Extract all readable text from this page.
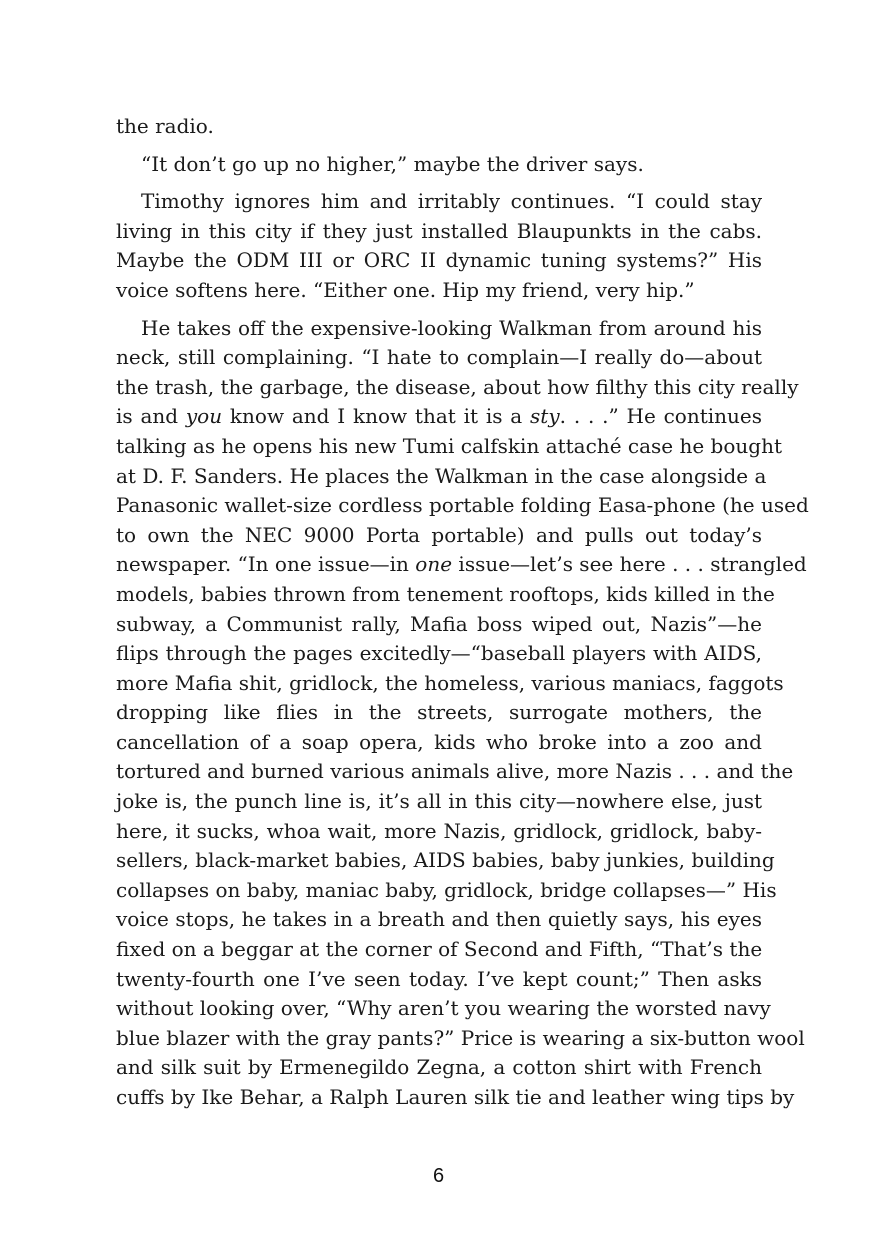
the radio.
“It don’t go up no higher,” maybe the driver says.
Timothy ignores him and irritably continues. “I could stay
living in this city if they just installed Blaupunkts in the cabs.
Maybe the ODM III or ORC II dynamic tuning systems?” His
voice softens here. “Either one. Hip my friend, very hip.”
He takes off the expensive-looking Walkman from around his
neck, still complaining. “I hate to complain—I really do—about
the trash, the garbage, the disease, about how filthy this city really
is and you know and I know that it is a sty. . . .” He continues
talking as he opens his new Tumi calfskin attaché case he bought
at D. F. Sanders. He places the Walkman in the case alongside a
Panasonic wallet-size cordless portable folding Easa-phone (he used
to own the NEC 9000 Porta portable) and pulls out today’s
newspaper. “In one issue—in one issue—let’s see here . . . strangled
models, babies thrown from tenement rooftops, kids killed in the
subway, a Communist rally, Mafia boss wiped out, Nazis”—he
flips through the pages excitedly—“baseball players with AIDS,
more Mafia shit, gridlock, the homeless, various maniacs, faggots
dropping like flies in the streets, surrogate mothers, the
cancellation of a soap opera, kids who broke into a zoo and
tortured and burned various animals alive, more Nazis . . . and the
joke is, the punch line is, it’s all in this city—nowhere else, just
here, it sucks, whoa wait, more Nazis, gridlock, gridlock, baby-
sellers, black-market babies, AIDS babies, baby junkies, building
collapses on baby, maniac baby, gridlock, bridge collapses—” His
voice stops, he takes in a breath and then quietly says, his eyes
fixed on a beggar at the corner of Second and Fifth, “That’s the
twenty-fourth one I’ve seen today. I’ve kept count;” Then asks
without looking over, “Why aren’t you wearing the worsted navy
blue blazer with the gray pants?” Price is wearing a six-button wool
and silk suit by Ermenegildo Zegna, a cotton shirt with French
cuffs by Ike Behar, a Ralph Lauren silk tie and leather wing tips by
6
